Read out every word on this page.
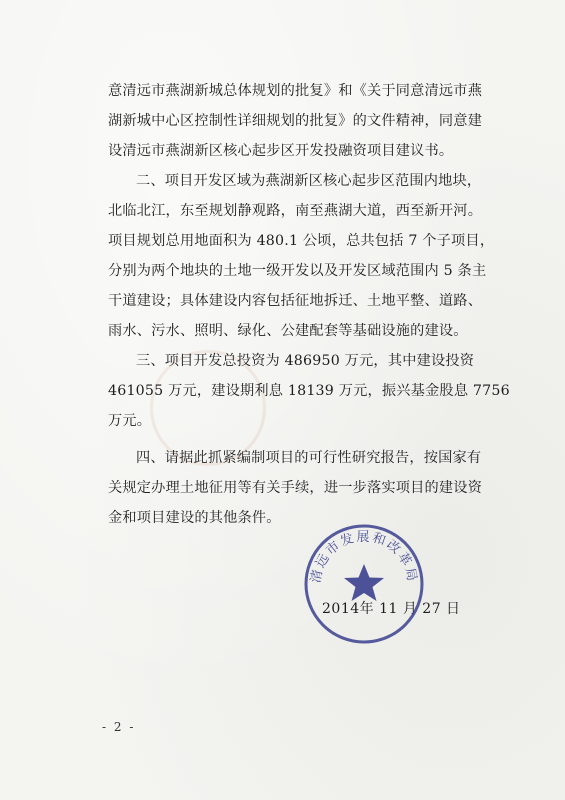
意清远市燕湖新城总体规划的批复》和《关于同意清远市燕
湖新城中心区控制性详细规划的批复》的文件精神，同意建
设清远市燕湖新区核心起步区开发投融资项目建议书。

二、项目开发区域为燕湖新区核心起步区范围内地块，
北临北江，东至规划静观路，南至燕湖大道，西至新开河。
项目规划总用地面积为 480.1 公顷，总共包括 7 个子项目，
分别为两个地块的土地一级开发以及开发区域范围内 5 条主
干道建设；具体建设内容包括征地拆迁、土地平整、道路、
雨水、污水、照明、绿化、公建配套等基础设施的建设。

三、项目开发总投资为 486950 万元，其中建设投资
461055 万元，建设期利息 18139 万元，振兴基金股息 7756
万元。

四、请据此抓紧编制项目的可行性研究报告，按国家有
关规定办理土地征用等有关手续，进一步落实项目的建设资
金和项目建设的其他条件。

2014年 11 月 27 日
清远市发展和改革局
- 2 -
